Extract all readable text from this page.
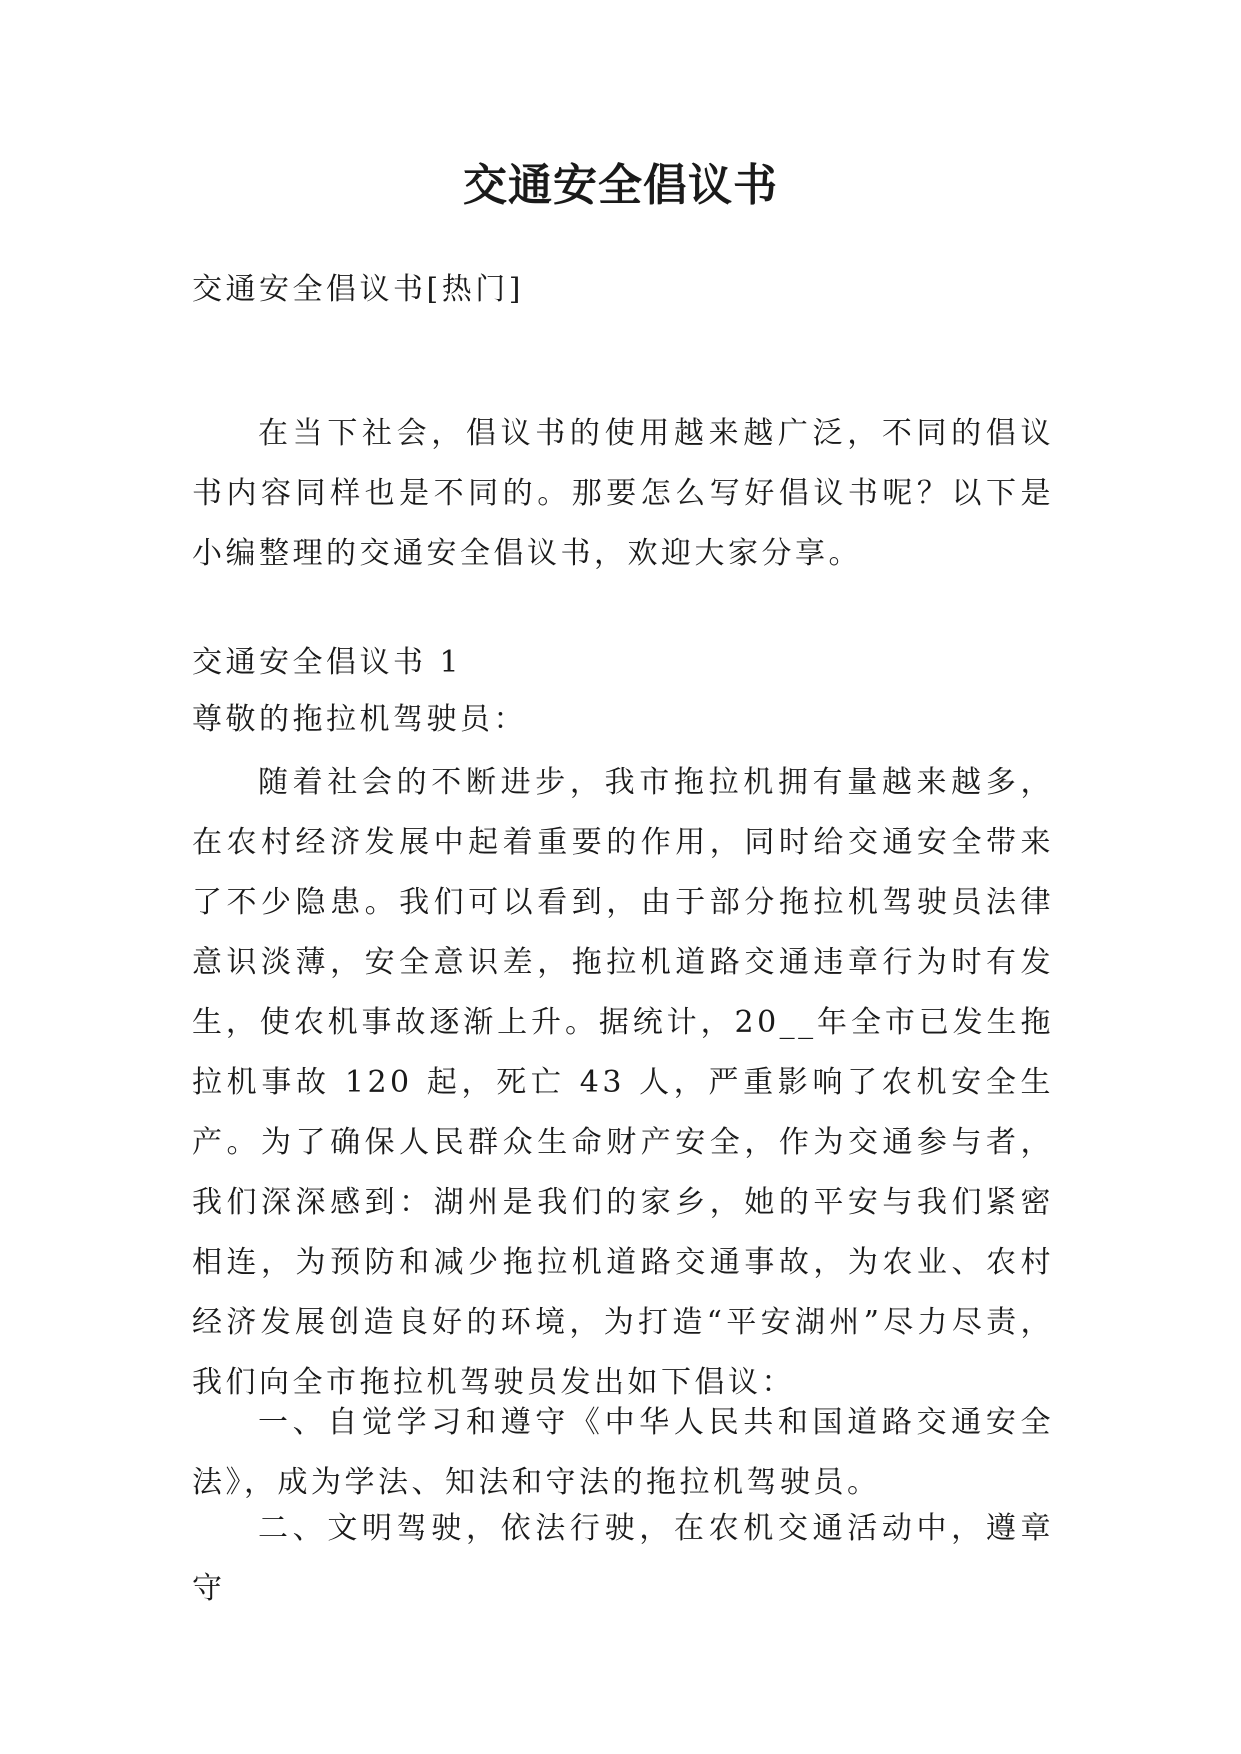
交通安全倡议书

交通安全倡议书[热门]

在当下社会，倡议书的使用越来越广泛，不同的倡议书内容同样也是不同的。那要怎么写好倡议书呢？以下是小编整理的交通安全倡议书，欢迎大家分享。

交通安全倡议书 1

尊敬的拖拉机驾驶员：

随着社会的不断进步，我市拖拉机拥有量越来越多，在农村经济发展中起着重要的作用，同时给交通安全带来了不少隐患。我们可以看到，由于部分拖拉机驾驶员法律意识淡薄，安全意识差，拖拉机道路交通违章行为时有发生，使农机事故逐渐上升。据统计，20__年全市已发生拖拉机事故 120 起，死亡 43 人，严重影响了农机安全生产。为了确保人民群众生命财产安全，作为交通参与者，我们深深感到：湖州是我们的家乡，她的平安与我们紧密相连，为预防和减少拖拉机道路交通事故，为农业、农村经济发展创造良好的环境，为打造“平安湖州”尽力尽责，我们向全市拖拉机驾驶员发出如下倡议：

一、自觉学习和遵守《中华人民共和国道路交通安全法》，成为学法、知法和守法的拖拉机驾驶员。

二、文明驾驶，依法行驶，在农机交通活动中，遵章守
